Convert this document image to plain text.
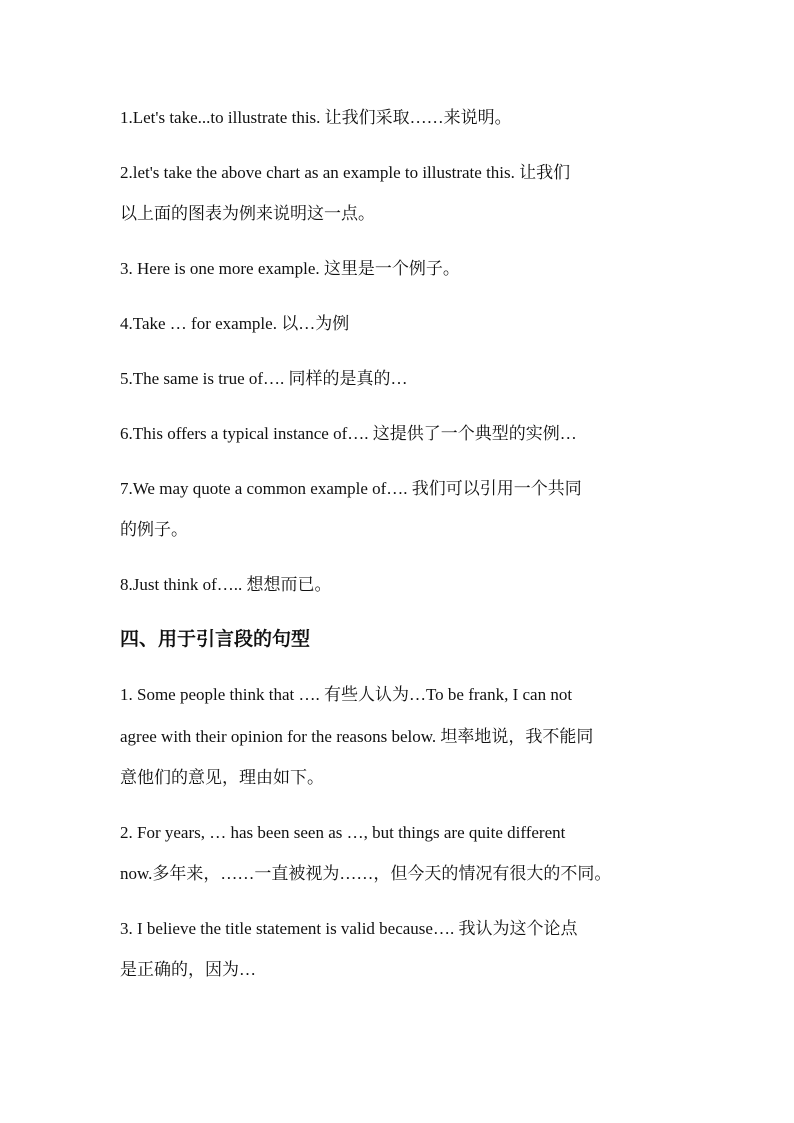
1.Let's take...to illustrate this. 让我们采取……来说明。
2.let's take the above chart as an example to illustrate this. 让我们
以上面的图表为例来说明这一点。
3. Here is one more example. 这里是一个例子。
4.Take … for example. 以…为例
5.The same is true of…. 同样的是真的…
6.This offers a typical instance of…. 这提供了一个典型的实例…
7.We may quote a common example of…. 我们可以引用一个共同
的例子。
8.Just think of….. 想想而已。
四、用于引言段的句型
1. Some people think that …. 有些人认为…To be frank, I can not
agree with their opinion for the reasons below. 坦率地说，我不能同
意他们的意见，理由如下。
2. For years, … has been seen as …, but things are quite different
now.多年来，……一直被视为……，但今天的情况有很大的不同。
3. I believe the title statement is valid because…. 我认为这个论点
是正确的，因为…
